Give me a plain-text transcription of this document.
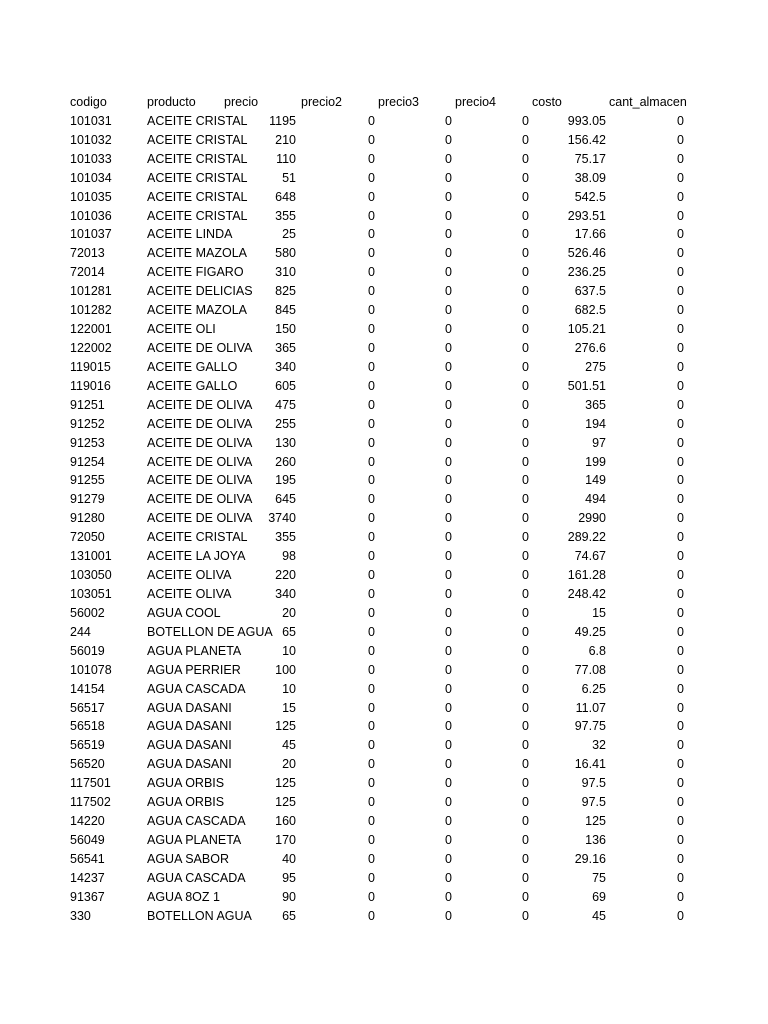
codigo	producto	precio	precio2	precio3	precio4	costo	cant_almacen
101031	ACEITE CRISTAL	1195	0	0	0	993.05	0
101032	ACEITE CRISTAL	210	0	0	0	156.42	0
101033	ACEITE CRISTAL	110	0	0	0	75.17	0
101034	ACEITE CRISTAL	51	0	0	0	38.09	0
101035	ACEITE CRISTAL	648	0	0	0	542.5	0
101036	ACEITE CRISTAL	355	0	0	0	293.51	0
101037	ACEITE LINDA	25	0	0	0	17.66	0
72013	ACEITE MAZOLA	580	0	0	0	526.46	0
72014	ACEITE FIGARO	310	0	0	0	236.25	0
101281	ACEITE DELICIAS	825	0	0	0	637.5	0
101282	ACEITE MAZOLA	845	0	0	0	682.5	0
122001	ACEITE OLI	150	0	0	0	105.21	0
122002	ACEITE DE OLIVA	365	0	0	0	276.6	0
119015	ACEITE GALLO	340	0	0	0	275	0
119016	ACEITE GALLO	605	0	0	0	501.51	0
91251	ACEITE DE OLIVA	475	0	0	0	365	0
91252	ACEITE DE OLIVA	255	0	0	0	194	0
91253	ACEITE DE OLIVA	130	0	0	0	97	0
91254	ACEITE DE OLIVA	260	0	0	0	199	0
91255	ACEITE DE OLIVA	195	0	0	0	149	0
91279	ACEITE DE OLIVA	645	0	0	0	494	0
91280	ACEITE DE OLIVA	3740	0	0	0	2990	0
72050	ACEITE CRISTAL	355	0	0	0	289.22	0
131001	ACEITE LA JOYA	98	0	0	0	74.67	0
103050	ACEITE OLIVA	220	0	0	0	161.28	0
103051	ACEITE OLIVA	340	0	0	0	248.42	0
56002	AGUA COOL	20	0	0	0	15	0
244	BOTELLON DE AGUA 65	0	0	0	49.25	0
56019	AGUA PLANETA	10	0	0	0	6.8	0
101078	AGUA PERRIER	100	0	0	0	77.08	0
14154	AGUA CASCADA	10	0	0	0	6.25	0
56517	AGUA DASANI	15	0	0	0	11.07	0
56518	AGUA DASANI	125	0	0	0	97.75	0
56519	AGUA DASANI	45	0	0	0	32	0
56520	AGUA DASANI	20	0	0	0	16.41	0
117501	AGUA ORBIS	125	0	0	0	97.5	0
117502	AGUA ORBIS	125	0	0	0	97.5	0
14220	AGUA CASCADA	160	0	0	0	125	0
56049	AGUA PLANETA	170	0	0	0	136	0
56541	AGUA SABOR	40	0	0	0	29.16	0
14237	AGUA CASCADA	95	0	0	0	75	0
91367	AGUA 8OZ 1	90	0	0	0	69	0
330	BOTELLON AGUA	65	0	0	0	45	0
